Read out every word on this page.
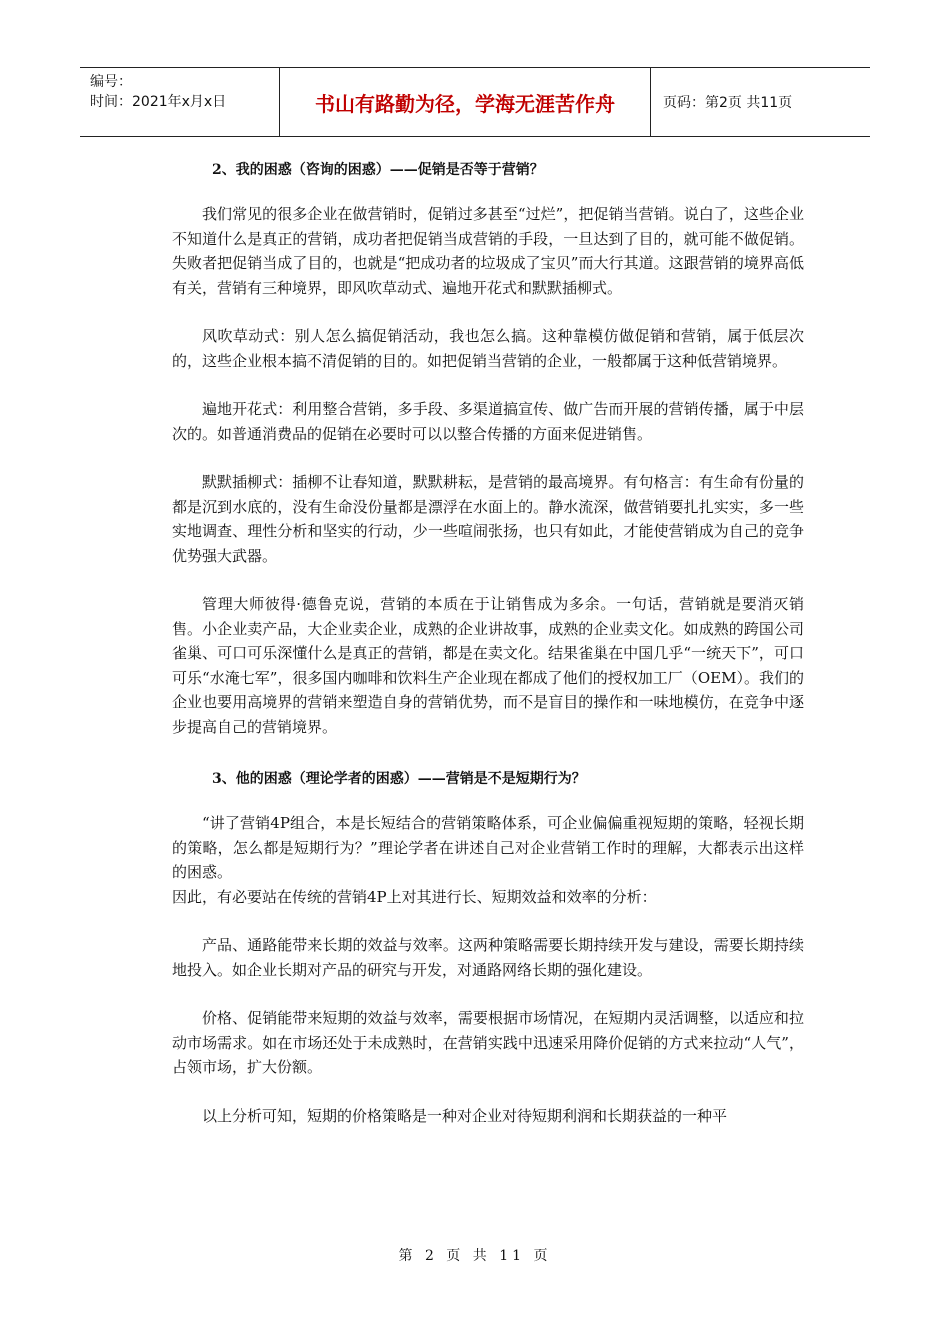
编号：
时间：2021年x月x日	书山有路勤为径，学海无涯苦作舟	页码：第2页 共11页
2、我的困惑（咨询的困惑）——促销是否等于营销？

我们常见的很多企业在做营销时，促销过多甚至“过烂”，把促销当营销。说白了，这些企业不知道什么是真正的营销，成功者把促销当成营销的手段，一旦达到了目的，就可能不做促销。失败者把促销当成了目的，也就是“把成功者的垃圾成了宝贝”而大行其道。这跟营销的境界高低有关，营销有三种境界，即风吹草动式、遍地开花式和默默插柳式。

风吹草动式：别人怎么搞促销活动，我也怎么搞。这种靠模仿做促销和营销，属于低层次的，这些企业根本搞不清促销的目的。如把促销当营销的企业，一般都属于这种低营销境界。

遍地开花式：利用整合营销，多手段、多渠道搞宣传、做广告而开展的营销传播，属于中层次的。如普通消费品的促销在必要时可以以整合传播的方面来促进销售。

默默插柳式：插柳不让春知道，默默耕耘，是营销的最高境界。有句格言：有生命有份量的都是沉到水底的，没有生命没份量都是漂浮在水面上的。静水流深，做营销要扎扎实实，多一些实地调查、理性分析和坚实的行动，少一些喧闹张扬，也只有如此，才能使营销成为自己的竞争优势强大武器。

管理大师彼得·德鲁克说，营销的本质在于让销售成为多余。一句话，营销就是要消灭销售。小企业卖产品，大企业卖企业，成熟的企业讲故事，成熟的企业卖文化。如成熟的跨国公司雀巢、可口可乐深懂什么是真正的营销，都是在卖文化。结果雀巢在中国几乎“一统天下”，可口可乐“水淹七军”，很多国内咖啡和饮料生产企业现在都成了他们的授权加工厂（OEM）。我们的企业也要用高境界的营销来塑造自身的营销优势，而不是盲目的操作和一味地模仿，在竞争中逐步提高自己的营销境界。

3、他的困惑（理论学者的困惑）——营销是不是短期行为？

“讲了营销4P组合，本是长短结合的营销策略体系，可企业偏偏重视短期的策略，轻视长期的策略，怎么都是短期行为？”理论学者在讲述自己对企业营销工作时的理解，大都表示出这样的困惑。

因此，有必要站在传统的营销4P上对其进行长、短期效益和效率的分析：

产品、通路能带来长期的效益与效率。这两种策略需要长期持续开发与建设，需要长期持续地投入。如企业长期对产品的研究与开发，对通路网络长期的强化建设。

价格、促销能带来短期的效益与效率，需要根据市场情况，在短期内灵活调整，以适应和拉动市场需求。如在市场还处于未成熟时，在营销实践中迅速采用降价促销的方式来拉动“人气”，占领市场，扩大份额。

以上分析可知，短期的价格策略是一种对企业对待短期利润和长期获益的一种平

第 2 页 共 11 页
